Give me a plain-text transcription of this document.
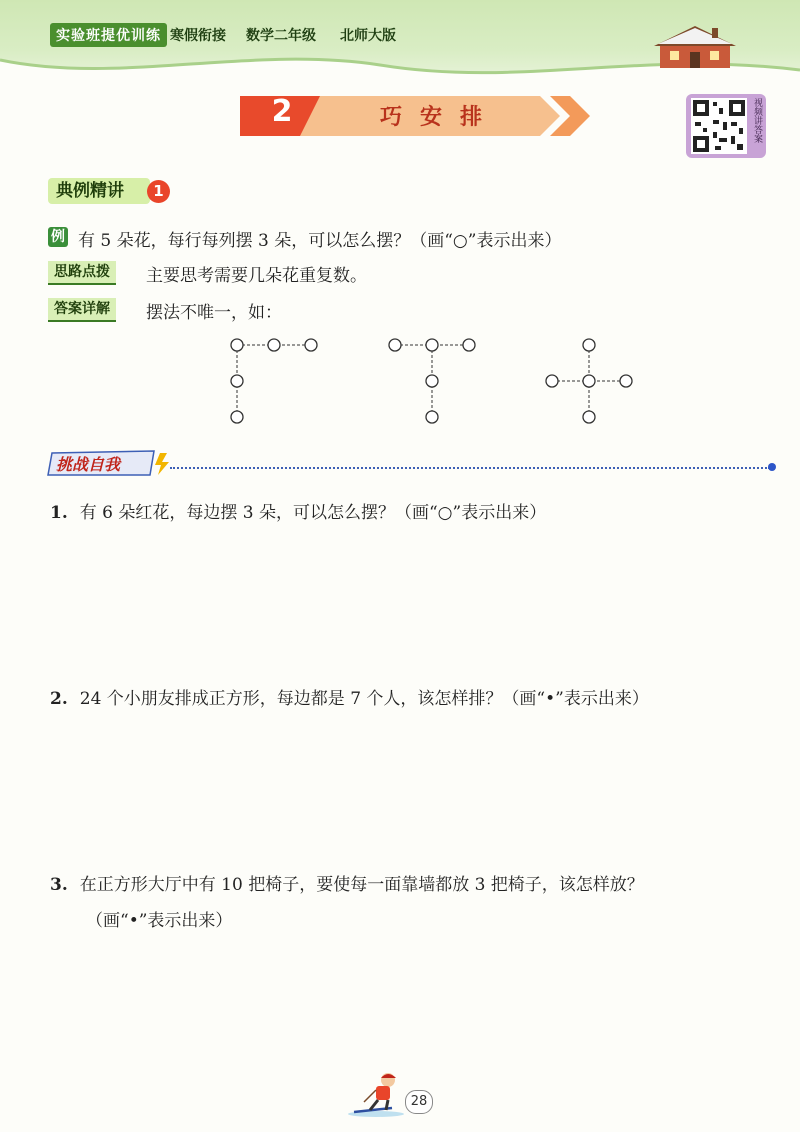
实验班提优训练 寒假衔接 数学二年级 北师大版
2	巧安排	视频讲答案
典例精讲	1
例 有 5 朵花，每行每列摆 3 朵，可以怎么摆？（画“○”表示出来）
思路点拨	主要思考需要几朵花重复数。
答案详解	摆法不唯一，如：
挑战自我
1. 有 6 朵红花，每边摆 3 朵，可以怎么摆？（画“○”表示出来）
2. 24 个小朋友排成正方形，每边都是 7 个人，该怎样排？（画“•”表示出来）
3. 在正方形大厅中有 10 把椅子，要使每一面靠墙都放 3 把椅子，该怎样放？
（画“•”表示出来）
28
